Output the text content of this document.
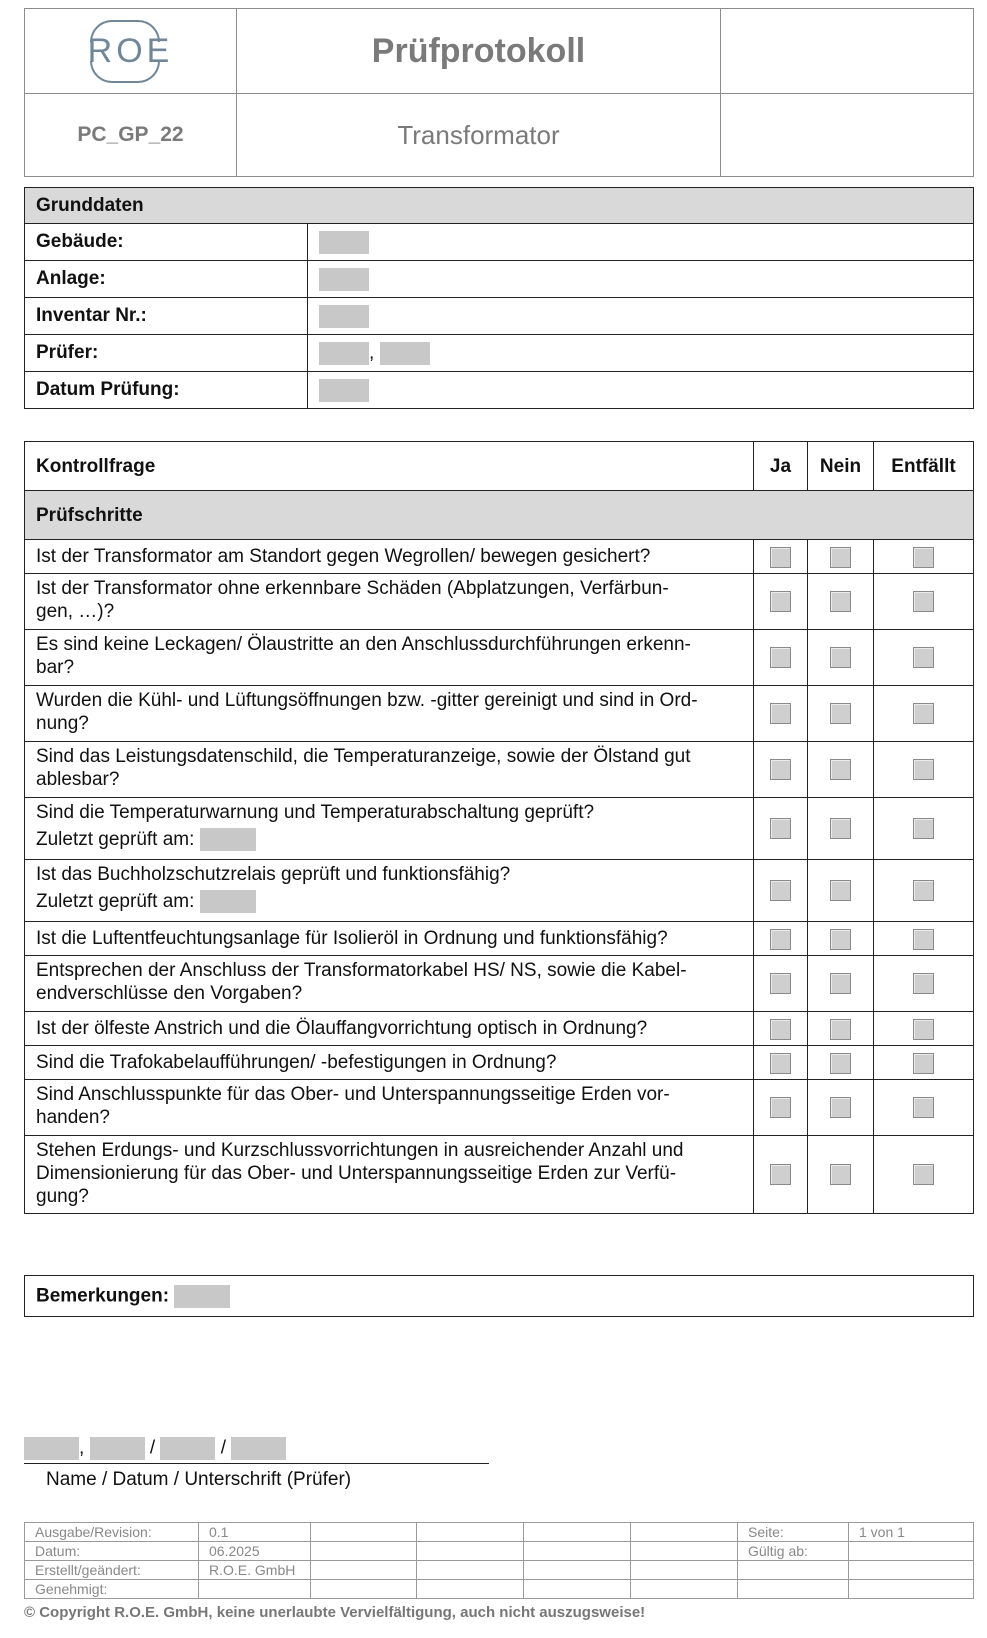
ROE	Prüfprotokoll	
PC_GP_22	Transformator	
Grunddaten	
Gebäude:	
Anlage:	
Inventar Nr.:	
Prüfer:	,
Datum Prüfung:	
Kontrollfrage	Ja	Nein	Entfällt
Prüfschritte			
Ist der Transformator am Standort gegen Wegrollen/ bewegen gesichert?			
Ist der Transformator ohne erkennbare Schäden (Abplatzungen, Verfärbun-
gen, …)?			
Es sind keine Leckagen/ Ölaustritte an den Anschlussdurchführungen erkenn-
bar?			
Wurden die Kühl- und Lüftungsöffnungen bzw. -gitter gereinigt und sind in Ord-
nung?			
Sind das Leistungsdatenschild, die Temperaturanzeige, sowie der Ölstand gut
ablesbar?			
Sind die Temperaturwarnung und Temperaturabschaltung geprüft?
Zuletzt geprüft am:			
Ist das Buchholzschutzrelais geprüft und funktionsfähig?
Zuletzt geprüft am:			
Ist die Luftentfeuchtungsanlage für Isolieröl in Ordnung und funktionsfähig?			
Entsprechen der Anschluss der Transformatorkabel HS/ NS, sowie die Kabel-
endverschlüsse den Vorgaben?			
Ist der ölfeste Anstrich und die Ölauffangvorrichtung optisch in Ordnung?			
Sind die Trafokabelaufführungen/ -befestigungen in Ordnung?			
Sind Anschlusspunkte für das Ober- und Unterspannungsseitige Erden vor-
handen?			
Stehen Erdungs- und Kurzschlussvorrichtungen in ausreichender Anzahl und
Dimensionierung für das Ober- und Unterspannungsseitige Erden zur Verfü-
gung?			
Bemerkungen:
,	/	/
Name / Datum / Unterschrift (Prüfer)
Ausgabe/Revision:	0.1					Seite:	1 von 1
Datum:	06.2025					Gültig ab:	
Erstellt/geändert:	R.O.E. GmbH						
Genehmigt:							
© Copyright R.O.E. GmbH, keine unerlaubte Vervielfältigung, auch nicht auszugsweise!
